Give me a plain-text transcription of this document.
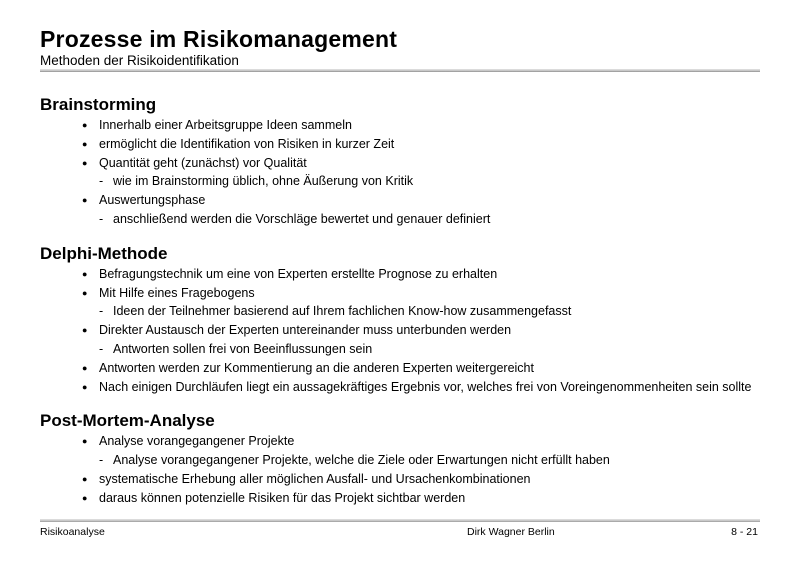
Prozesse im Risikomanagement
Methoden der Risikoidentifikation
Brainstorming
● Innerhalb einer Arbeitsgruppe Ideen sammeln
● ermöglicht die Identifikation von Risiken in kurzer Zeit
● Quantität geht (zunächst) vor Qualität
- wie im Brainstorming üblich, ohne Äußerung von Kritik
● Auswertungsphase
- anschließend werden die Vorschläge bewertet und genauer definiert
Delphi-Methode
● Befragungstechnik um eine von Experten erstellte Prognose zu erhalten
● Mit Hilfe eines Fragebogens
- Ideen der Teilnehmer basierend auf Ihrem fachlichen Know-how zusammengefasst
● Direkter Austausch der Experten untereinander muss unterbunden werden
- Antworten sollen frei von Beeinflussungen sein
● Antworten werden zur Kommentierung an die anderen Experten weitergereicht
● Nach einigen Durchläufen liegt ein aussagekräftiges Ergebnis vor, welches frei von Voreingenommenheiten sein sollte
Post-Mortem-Analyse
● Analyse vorangegangener Projekte
- Analyse vorangegangener Projekte, welche die Ziele oder Erwartungen nicht erfüllt haben
● systematische Erhebung aller möglichen Ausfall- und Ursachenkombinationen
● daraus können potenzielle Risiken für das Projekt sichtbar werden
Risikoanalyse	Dirk Wagner Berlin	8 - 21
